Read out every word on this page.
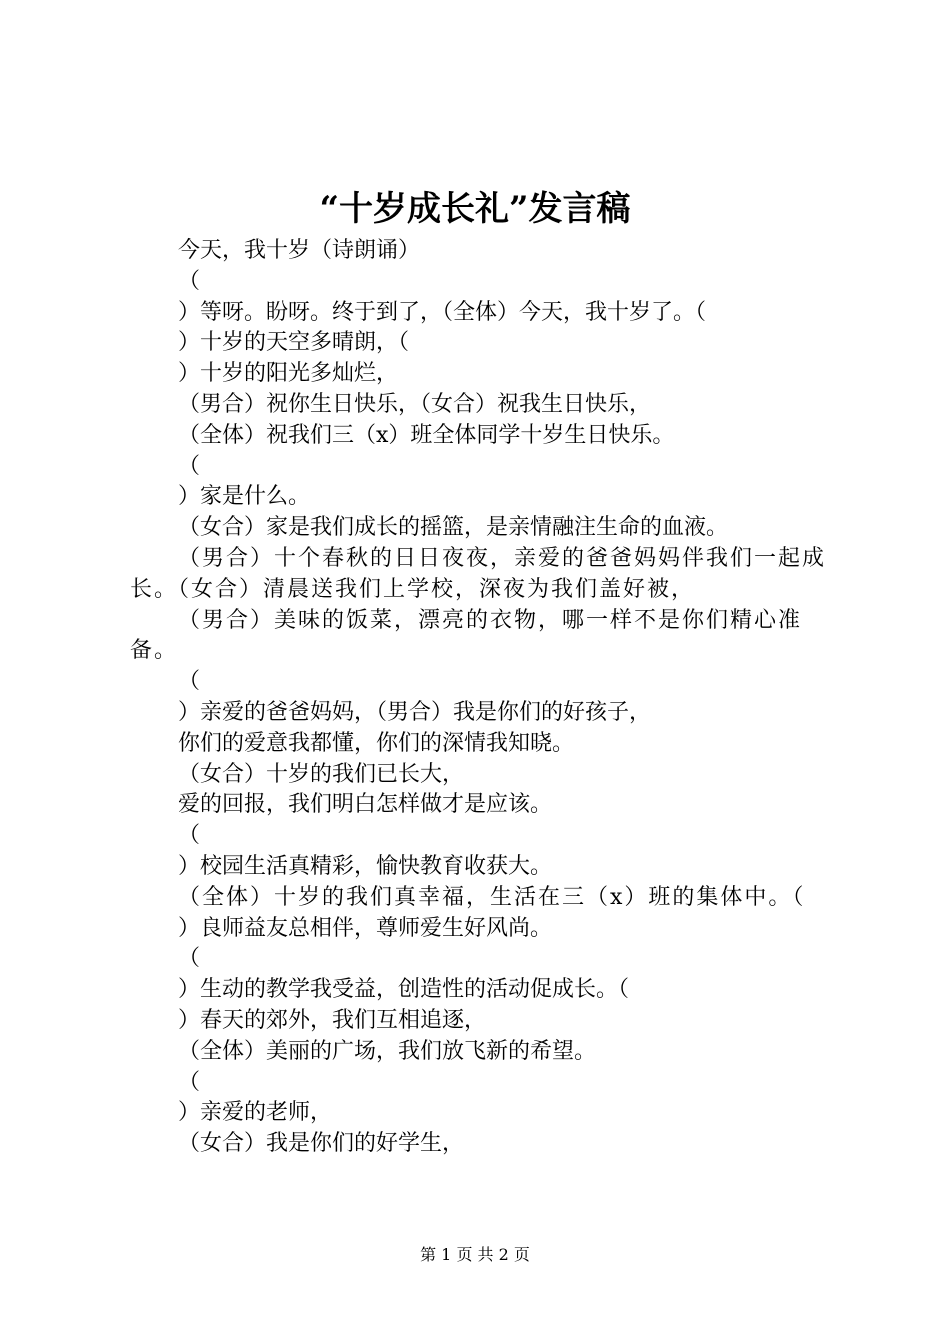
“十岁成长礼”发言稿

今天，我十岁（诗朗诵）

（

）等呀。盼呀。终于到了，（全体）今天，我十岁了。（

）十岁的天空多晴朗，（

）十岁的阳光多灿烂，

（男合）祝你生日快乐，（女合）祝我生日快乐，

（全体）祝我们三（x）班全体同学十岁生日快乐。

（

）家是什么。

（女合）家是我们成长的摇篮，是亲情融注生命的血液。

（男合）十个春秋的日日夜夜，亲爱的爸爸妈妈伴我们一起成长。（女合）清晨送我们上学校，深夜为我们盖好被，

（男合）美味的饭菜，漂亮的衣物，哪一样不是你们精心准备。

（

）亲爱的爸爸妈妈，（男合）我是你们的好孩子，

你们的爱意我都懂，你们的深情我知晓。

（女合）十岁的我们已长大，

爱的回报，我们明白怎样做才是应该。

（

）校园生活真精彩，愉快教育收获大。

（全体）十岁的我们真幸福，生活在三（x）班的集体中。（

）良师益友总相伴，尊师爱生好风尚。

（

）生动的教学我受益，创造性的活动促成长。（

）春天的郊外，我们互相追逐，

（全体）美丽的广场，我们放飞新的希望。

（

）亲爱的老师，

（女合）我是你们的好学生，

第 1 页 共 2 页
